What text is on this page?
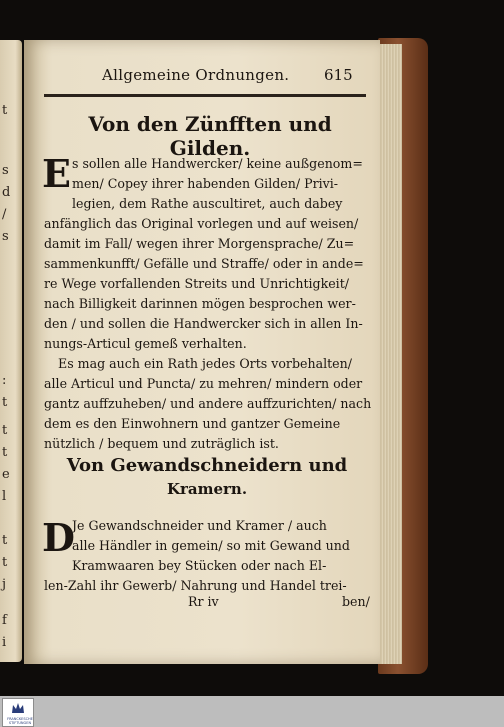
t
s
d
/
s
:
t
t
t
e
l
t
t
j
f
i
Allgemeine Ordnungen. 615
Von den Zünfften und Gilden.
E s sollen alle Handwercker/ keine außgenom=
men/ Copey ihrer habenden Gilden/ Privi-
legien, dem Rathe auscultiret, auch dabey
anfänglich das Original vorlegen und auf weisen/
damit im Fall/ wegen ihrer Morgensprache/ Zu=
sammenkunfft/ Gefälle und Straffe/ oder in ande=
re Wege vorfallenden Streits und Unrichtigkeit/
nach Billigkeit darinnen mögen besprochen wer-
den / und sollen die Handwercker sich in allen In-
nungs-Articul gemeß verhalten.
Es mag auch ein Rath jedes Orts vorbehalten/
alle Articul und Puncta/ zu mehren/ mindern oder
gantz auffzuheben/ und andere auffzurichten/ nach
dem es den Einwohnern und gantzer Gemeine
nützlich / bequem und zuträglich ist.
Von Gewandschneidern und
Kramern.
D
Je Gewandschneider und Kramer / auch
alle Händler in gemein/ so mit Gewand und
Kramwaaren bey Stücken oder nach El-
len-Zahl ihr Gewerb/ Nahrung und Handel trei-
Rr iv	ben/
FRANCKESCHE STIFTUNGEN
